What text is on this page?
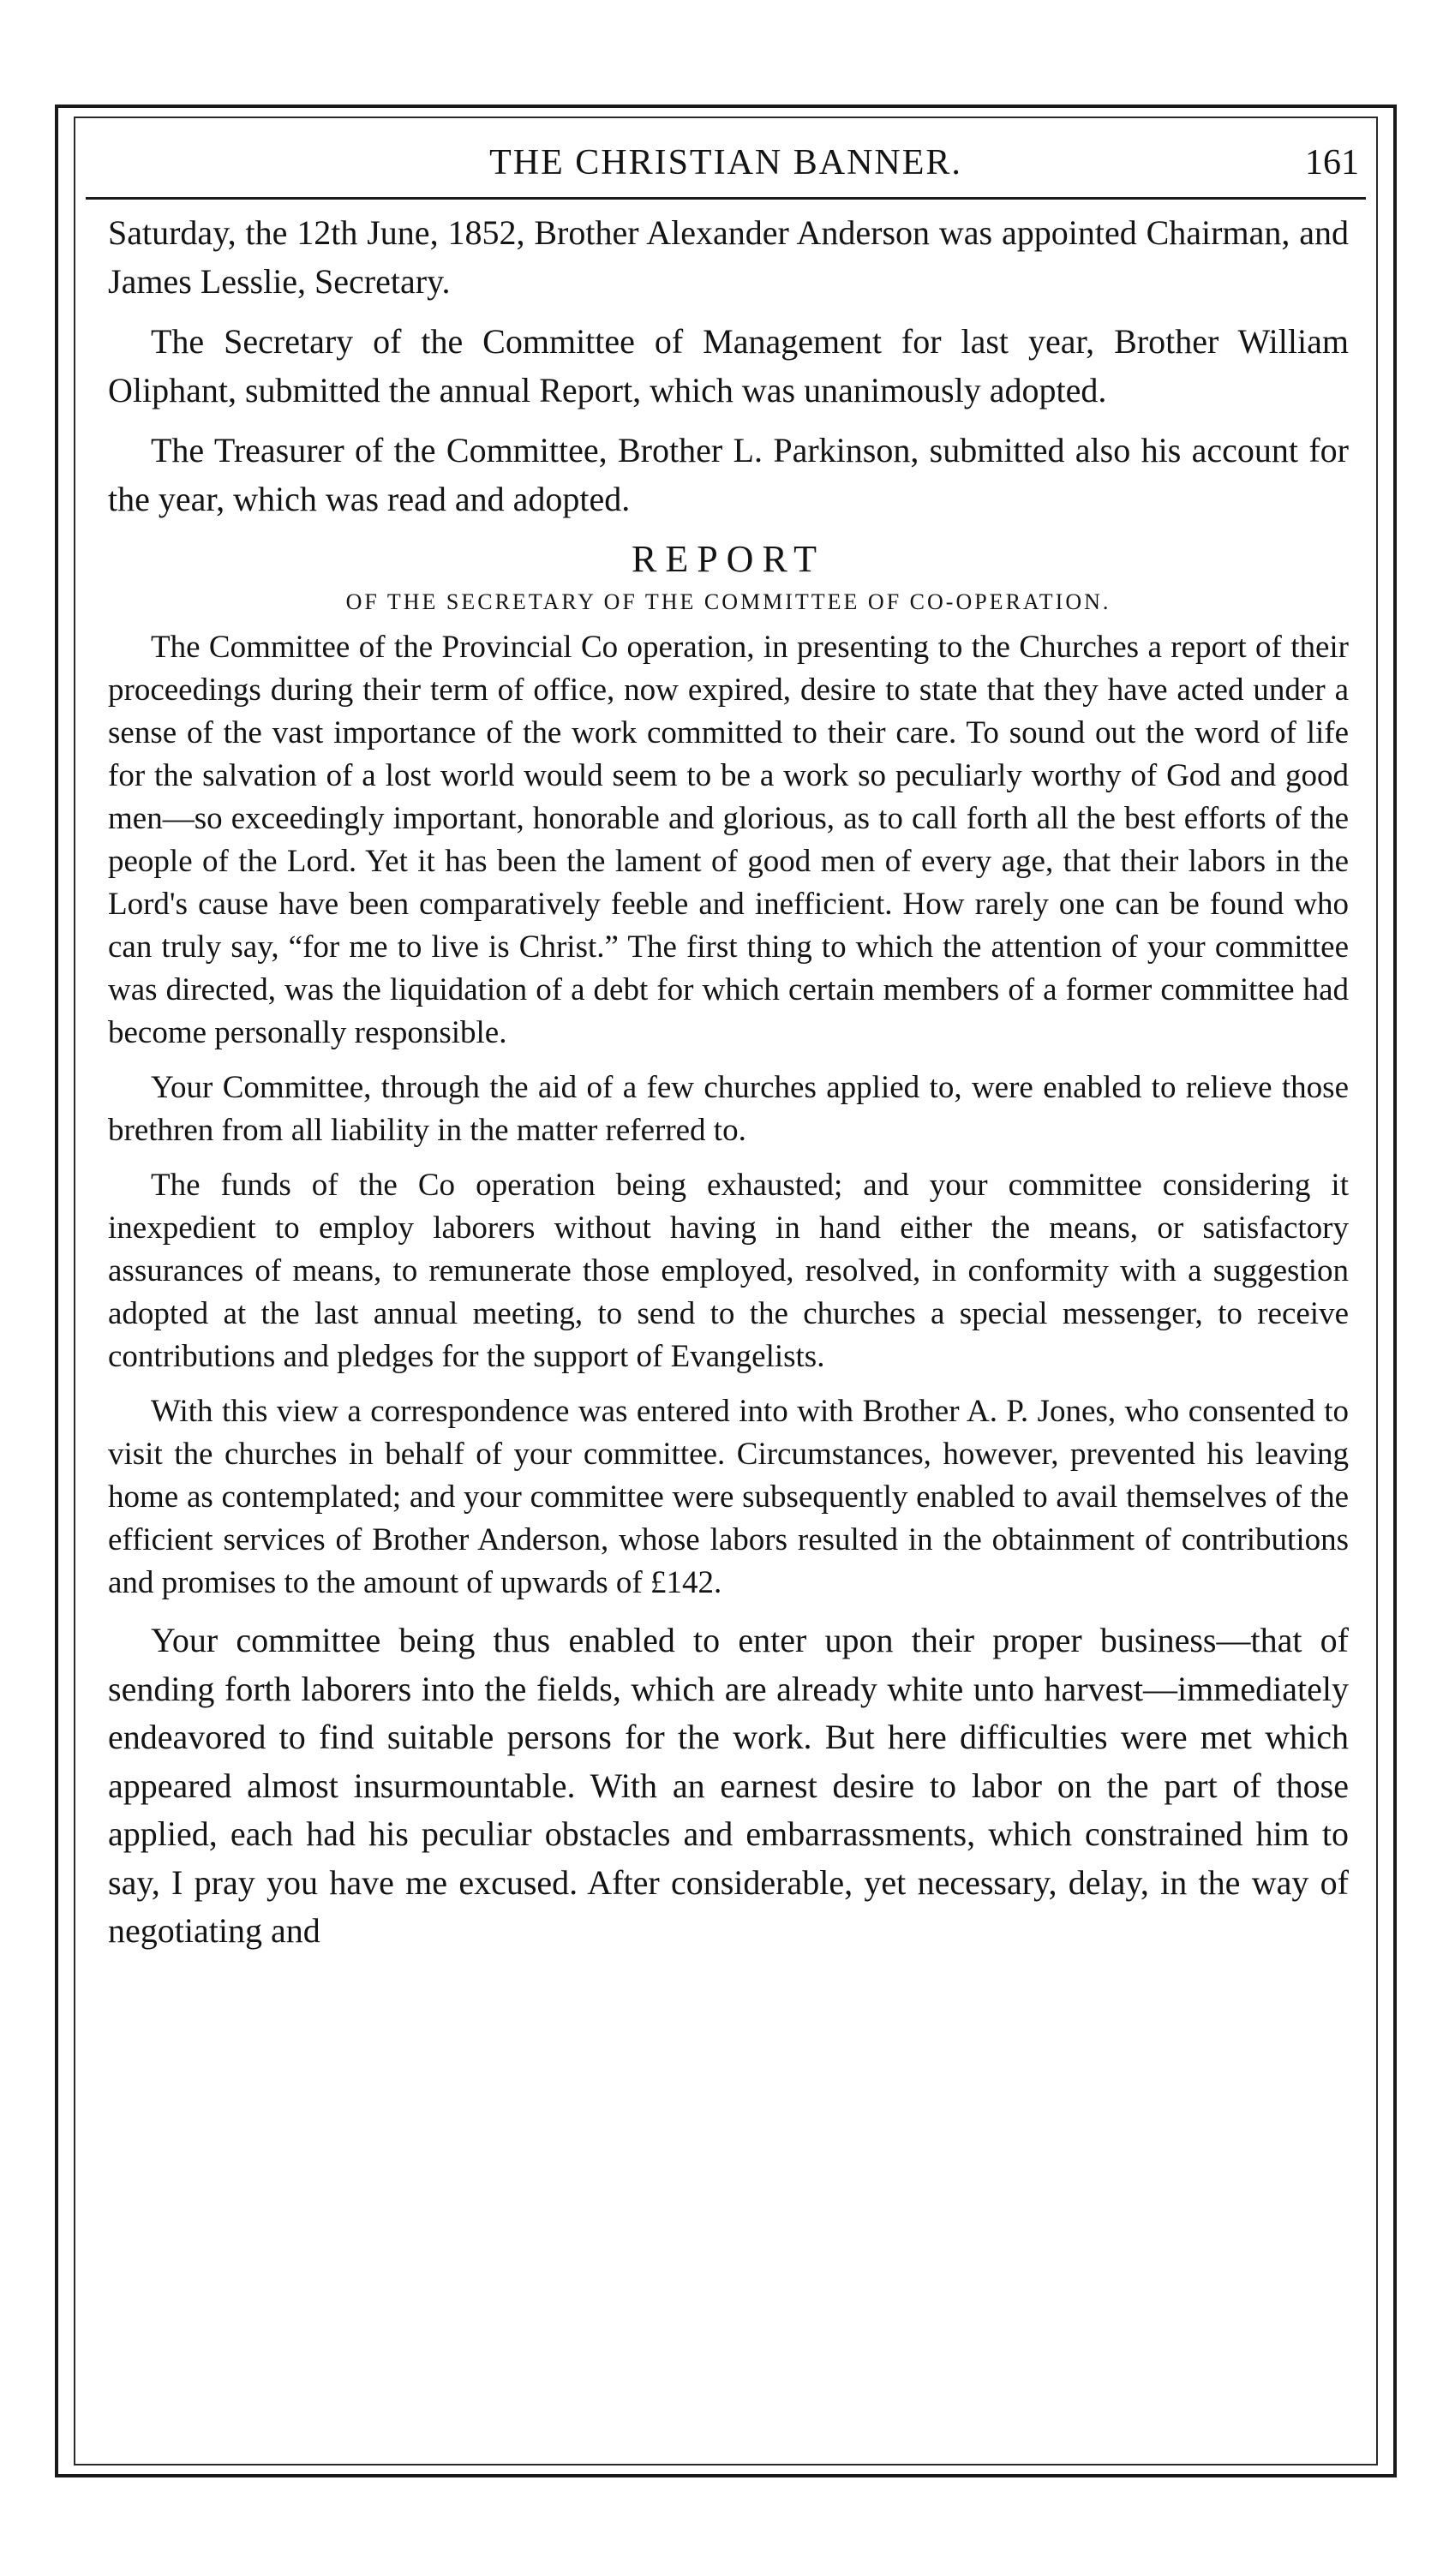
THE CHRISTIAN BANNER.	161

Saturday, the 12th June, 1852, Brother Alexander Anderson was appointed Chairman, and James Lesslie, Secretary.

The Secretary of the Committee of Management for last year, Brother William Oliphant, submitted the annual Report, which was unanimously adopted.

The Treasurer of the Committee, Brother L. Parkinson, submitted also his account for the year, which was read and adopted.

REPORT
OF THE SECRETARY OF THE COMMITTEE OF CO-OPERATION.

The Committee of the Provincial Co operation, in presenting to the Churches a report of their proceedings during their term of office, now expired, desire to state that they have acted under a sense of the vast importance of the work committed to their care. To sound out the word of life for the salvation of a lost world would seem to be a work so peculiarly worthy of God and good men—so exceedingly important, honorable and glorious, as to call forth all the best efforts of the people of the Lord. Yet it has been the lament of good men of every age, that their labors in the Lord's cause have been comparatively feeble and inefficient. How rarely one can be found who can truly say, “for me to live is Christ.” The first thing to which the attention of your committee was directed, was the liquidation of a debt for which certain members of a former committee had become personally responsible.

Your Committee, through the aid of a few churches applied to, were enabled to relieve those brethren from all liability in the matter referred to.

The funds of the Co operation being exhausted; and your committee considering it inexpedient to employ laborers without having in hand either the means, or satisfactory assurances of means, to remunerate those employed, resolved, in conformity with a suggestion adopted at the last annual meeting, to send to the churches a special messenger, to receive contributions and pledges for the support of Evangelists.

With this view a correspondence was entered into with Brother A. P. Jones, who consented to visit the churches in behalf of your committee. Circumstances, however, prevented his leaving home as contemplated; and your committee were subsequently enabled to avail themselves of the efficient services of Brother Anderson, whose labors resulted in the obtainment of contributions and promises to the amount of upwards of £142.

Your committee being thus enabled to enter upon their proper business—that of sending forth laborers into the fields, which are already white unto harvest—immediately endeavored to find suitable persons for the work. But here difficulties were met which appeared almost insurmountable. With an earnest desire to labor on the part of those applied, each had his peculiar obstacles and embarrassments, which constrained him to say, I pray you have me excused. After considerable, yet necessary, delay, in the way of negotiating and
